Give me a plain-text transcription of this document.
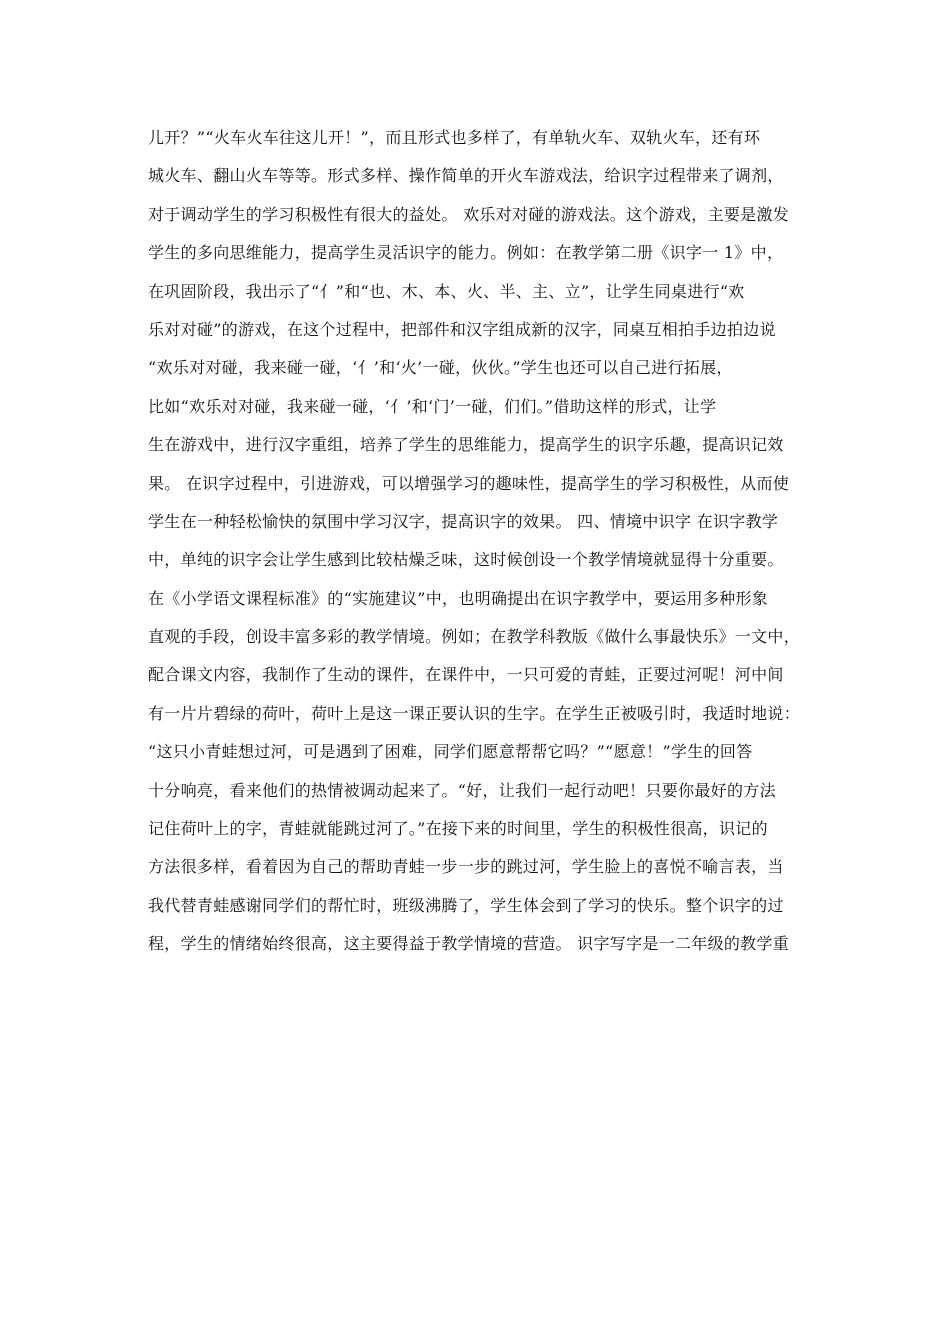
儿开？”“火车火车往这儿开！”，而且形式也多样了，有单轨火车、双轨火车，还有环
城火车、翻山火车等等。形式多样、操作简单的开火车游戏法，给识字过程带来了调剂，
对于调动学生的学习积极性有很大的益处。 欢乐对对碰的游戏法。这个游戏，主要是激发
学生的多向思维能力，提高学生灵活识字的能力。例如：在教学第二册《识字一 1》中，
在巩固阶段，我出示了“亻”和“也、木、本、火、半、主、立”，让学生同桌进行“欢
乐对对碰”的游戏，在这个过程中，把部件和汉字组成新的汉字，同桌互相拍手边拍边说
“欢乐对对碰，我来碰一碰，‘亻’和‘火’一碰，伙伙。”学生也还可以自己进行拓展，
比如“欢乐对对碰，我来碰一碰，‘亻’和‘门’一碰，们们。”借助这样的形式，让学
生在游戏中，进行汉字重组，培养了学生的思维能力，提高学生的识字乐趣，提高识记效
果。 在识字过程中，引进游戏，可以增强学习的趣味性，提高学生的学习积极性，从而使
学生在一种轻松愉快的氛围中学习汉字，提高识字的效果。 四、情境中识字 在识字教学
中，单纯的识字会让学生感到比较枯燥乏味，这时候创设一个教学情境就显得十分重要。
在《小学语文课程标准》的“实施建议”中，也明确提出在识字教学中，要运用多种形象
直观的手段，创设丰富多彩的教学情境。例如；在教学科教版《做什么事最快乐》一文中，
配合课文内容，我制作了生动的课件，在课件中，一只可爱的青蛙，正要过河呢！河中间
有一片片碧绿的荷叶，荷叶上是这一课正要认识的生字。在学生正被吸引时，我适时地说：
“这只小青蛙想过河，可是遇到了困难，同学们愿意帮帮它吗？”“愿意！”学生的回答
十分响亮，看来他们的热情被调动起来了。“好，让我们一起行动吧！只要你最好的方法
记住荷叶上的字，青蛙就能跳过河了。”在接下来的时间里，学生的积极性很高，识记的
方法很多样，看着因为自己的帮助青蛙一步一步的跳过河，学生脸上的喜悦不喻言表，当
我代替青蛙感谢同学们的帮忙时，班级沸腾了，学生体会到了学习的快乐。整个识字的过
程，学生的情绪始终很高，这主要得益于教学情境的营造。 识字写字是一二年级的教学重
